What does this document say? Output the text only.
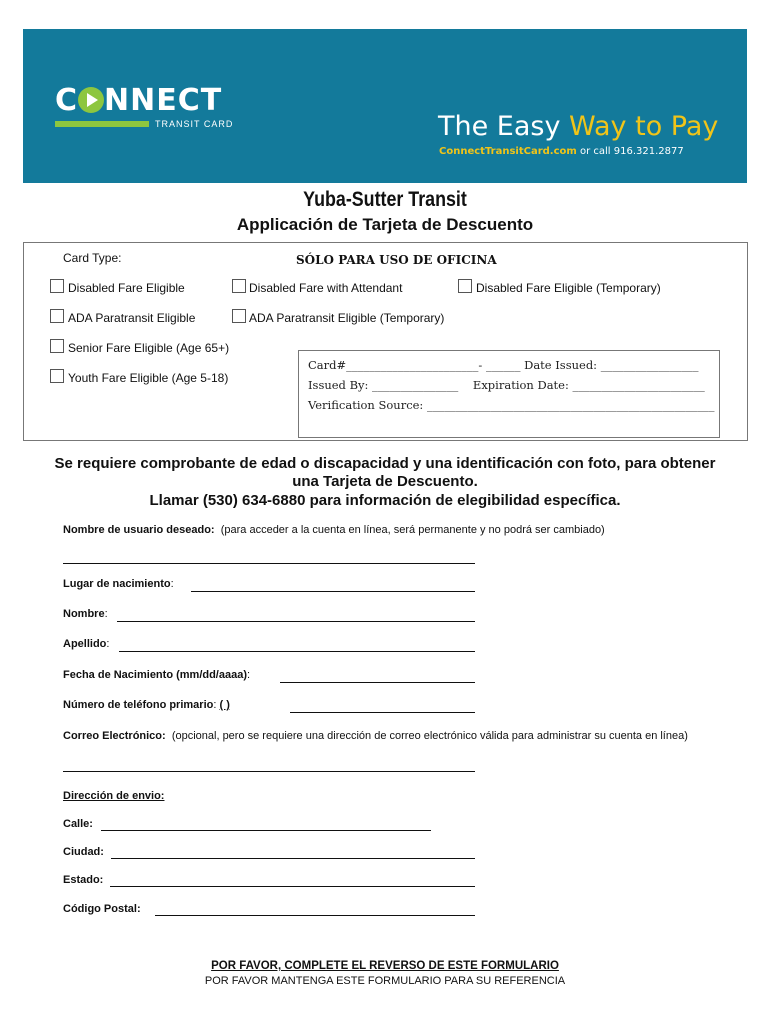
C NNECT
TRANSIT CARD	The Easy Way to Pay
ConnectTransitCard.com or call 916.321.2877
Yuba-Sutter Transit
Applicación de Tarjeta de Descuento
Card Type:	SÓLO PARA USO DE OFICINA
Disabled Fare Eligible	Disabled Fare with Attendant	Disabled Fare Eligible (Temporary)
ADA Paratransit Eligible	ADA Paratransit Eligible (Temporary)
Senior Fare Eligible (Age 65+)
Youth Fare Eligible (Age 5-18)
Card#_______________________- ______ Date Issued: _________________
Issued By: _______________    Expiration Date: _______________________
Verification Source: __________________________________________________
Se requiere comprobante de edad o discapacidad y una identificación con foto, para obtener
una Tarjeta de Descuento.
Llamar (530) 634-6880 para información de elegibilidad específica.
Nombre de usuario deseado: (para acceder a la cuenta en línea, será permanente y no podrá ser cambiado)
Lugar de nacimiento:
Nombre:
Apellido:
Fecha de Nacimiento (mm/dd/aaaa):
Número de teléfono primario: ( )
Correo Electrónico: (opcional, pero se requiere una dirección de correo electrónico válida para administrar su cuenta en línea)
Dirección de envio:
Calle:
Ciudad:
Estado:
Código Postal:
POR FAVOR, COMPLETE EL REVERSO DE ESTE FORMULARIO
POR FAVOR MANTENGA ESTE FORMULARIO PARA SU REFERENCIA
